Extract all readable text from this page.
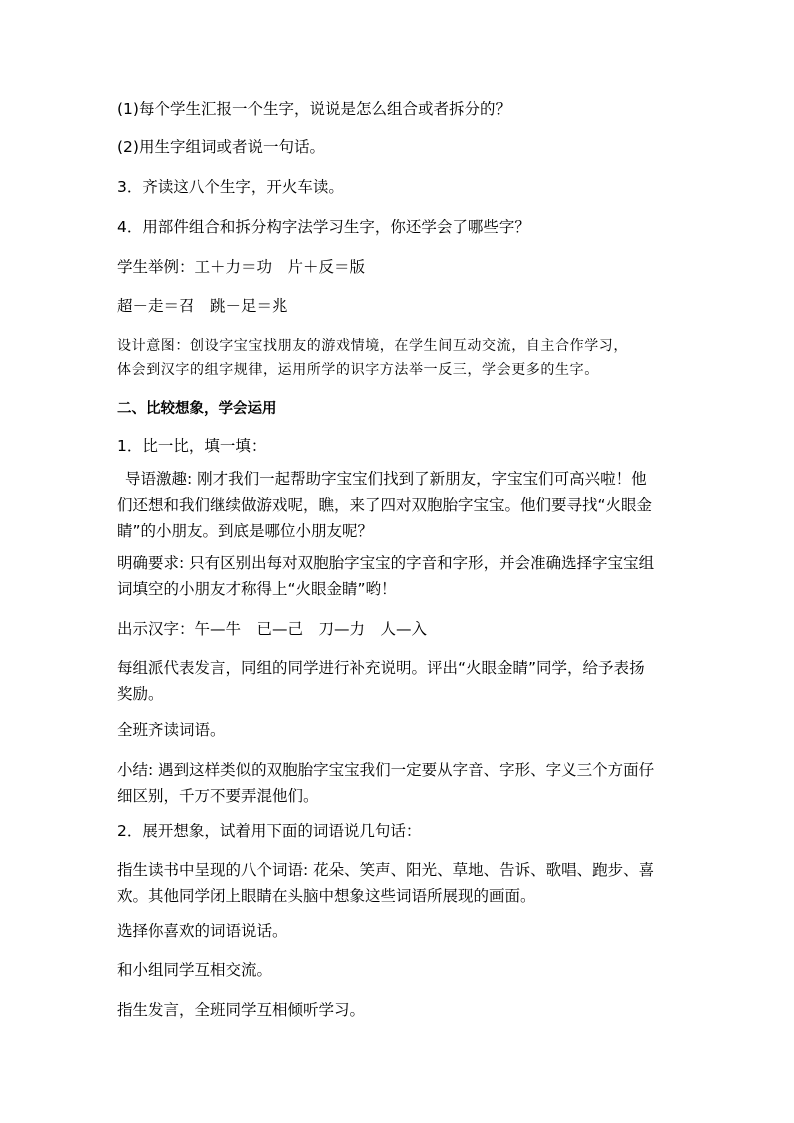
(1)每个学生汇报一个生字，说说是怎么组合或者拆分的？
(2)用生字组词或者说一句话。
3．齐读这八个生字，开火车读。
4．用部件组合和拆分构字法学习生字，你还学会了哪些字？
学生举例：工＋力＝功　片＋反＝版
超－走＝召　跳－足＝兆
设计意图：创设字宝宝找朋友的游戏情境，在学生间互动交流，自主合作学习，
体会到汉字的组字规律，运用所学的识字方法举一反三，学会更多的生字。
二、比较想象，学会运用
1．比一比，填一填：
导语激趣: 刚才我们一起帮助字宝宝们找到了新朋友，字宝宝们可高兴啦！他
们还想和我们继续做游戏呢，瞧，来了四对双胞胎字宝宝。他们要寻找“火眼金
睛”的小朋友。到底是哪位小朋友呢？
明确要求: 只有区别出每对双胞胎字宝宝的字音和字形，并会准确选择字宝宝组
词填空的小朋友才称得上“火眼金睛”哟！
出示汉字：午—牛　已—己　刀—力　人—入
每组派代表发言，同组的同学进行补充说明。评出“火眼金睛”同学，给予表扬
奖励。
全班齐读词语。
小结: 遇到这样类似的双胞胎字宝宝我们一定要从字音、字形、字义三个方面仔
细区别，千万不要弄混他们。
2．展开想象，试着用下面的词语说几句话：
指生读书中呈现的八个词语: 花朵、笑声、阳光、草地、告诉、歌唱、跑步、喜
欢。其他同学闭上眼睛在头脑中想象这些词语所展现的画面。
选择你喜欢的词语说话。
和小组同学互相交流。
指生发言，全班同学互相倾听学习。
